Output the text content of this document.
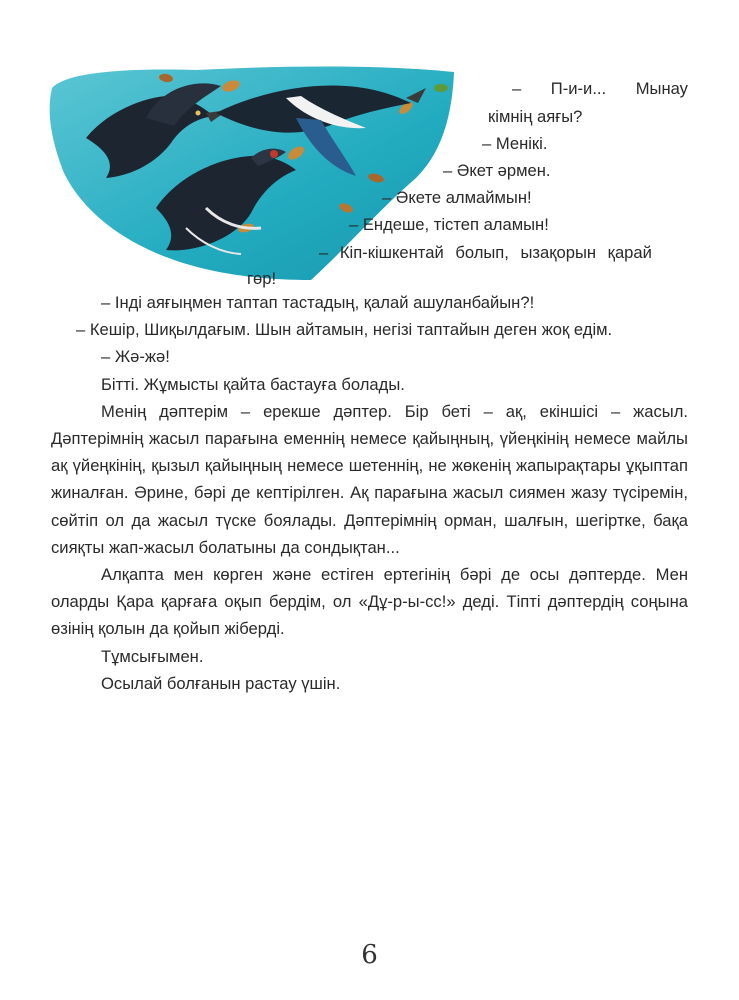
– П-и-и... Мынау
кімнің аяғы?
– Менікі.
– Әкет әрмен.
– Әкете алмаймын!
– Ендеше, тістеп аламын!
– Кіп-кішкентай болып, ызақорын қарай
гөр!

– Інді аяғыңмен таптап тастадың, қалай ашуланбайын?!

– Кешір, Шиқылдағым. Шын айтамын, негізі таптайын деген жоқ едім.

– Жә-жә!

Бітті. Жұмысты қайта бастауға болады.

Менің дәптерім – ерекше дәптер. Бір беті – ақ, екіншісі – жасыл. Дәптерімнің жасыл парағына еменнің немесе қайыңның, үйеңкінің немесе майлы ақ үйеңкінің, қызыл қайыңның немесе шетеннің, не жөкенің жапырақтары ұқыптап жиналған. Әрине, бәрі де кептірілген. Ақ парағына жасыл сиямен жазу түсіремін, сөйтіп ол да жасыл түске боялады. Дәптерімнің орман, шалғын, шегіртке, бақа сияқты жап-жасыл болатыны да сондықтан...

Алқапта мен көрген және естіген ертегінің бәрі де осы дәптерде. Мен оларды Қара қарғаға оқып бердім, ол «Дұ-р-ы-сс!» деді. Тіпті дәптердің соңына өзінің қолын да қойып жіберді.

Тұмсығымен.

Осылай болғанын растау үшін.

6
